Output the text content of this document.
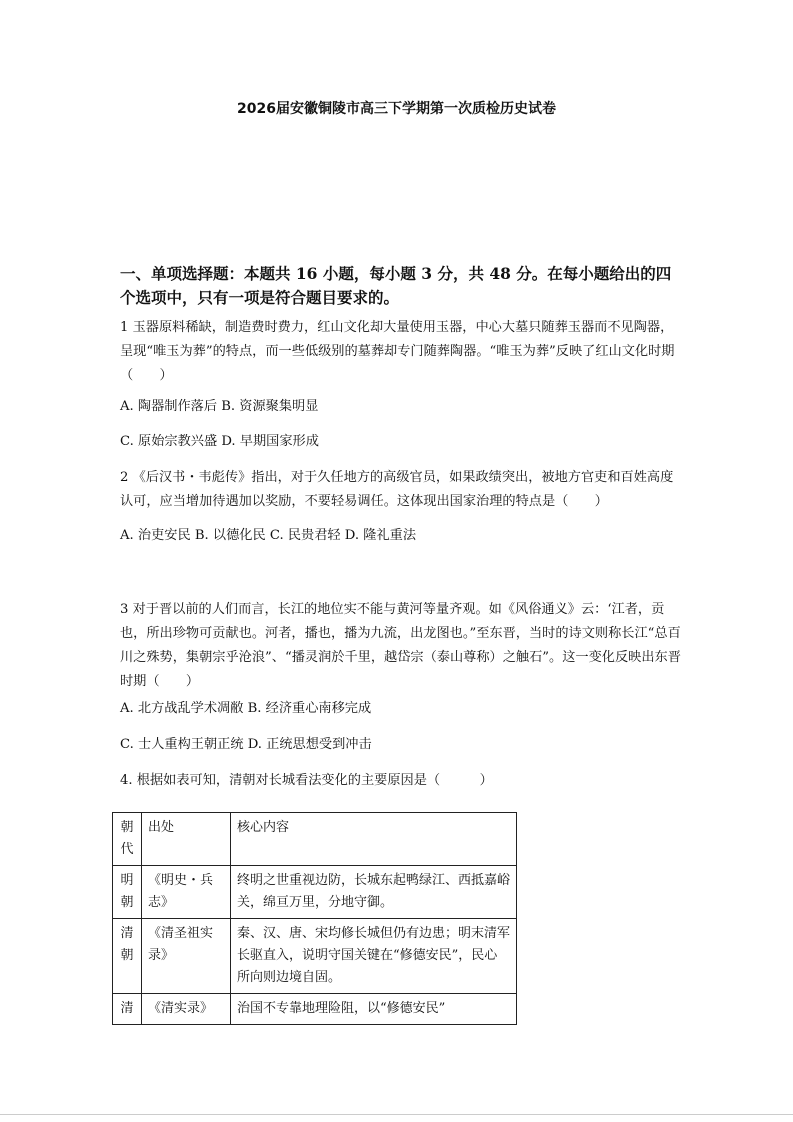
2026届安徽铜陵市高三下学期第一次质检历史试卷
一、单项选择题：本题共 16 小题，每小题 3 分，共 48 分。在每小题给出的四个选项中，只有一项是符合题目要求的。
1 玉器原料稀缺，制造费时费力，红山文化却大量使用玉器，中心大墓只随葬玉器而不见陶器，呈现“唯玉为葬”的特点，而一些低级别的墓葬却专门随葬陶器。“唯玉为葬”反映了红山文化时期（　　）
A. 陶器制作落后 B. 资源聚集明显
C. 原始宗教兴盛 D. 早期国家形成
2 《后汉书・韦彪传》指出，对于久任地方的高级官员，如果政绩突出，被地方官吏和百姓高度认可，应当增加待遇加以奖励，不要轻易调任。这体现出国家治理的特点是（　　）
A. 治吏安民 B. 以德化民 C. 民贵君轻 D. 隆礼重法
3 对于晋以前的人们而言，长江的地位实不能与黄河等量齐观。如《风俗通义》云：‘江者，贡也，所出珍物可贡献也。河者，播也，播为九流，出龙图也。”至东晋，当时的诗文则称长江“总百川之殊势，集朝宗乎沧浪”、“播灵润於千里，越岱宗（泰山尊称）之触石”。这一变化反映出东晋时期（　　）
A. 北方战乱学术凋敝 B. 经济重心南移完成
C. 士人重构王朝正统 D. 正统思想受到冲击
4. 根据如表可知，清朝对长城看法变化的主要原因是（　　　）
朝代	出处	核心内容
明朝	《明史・兵志》	终明之世重视边防，长城东起鸭绿江、西抵嘉峪关，绵亘万里，分地守御。
清朝	《清圣祖实录》	秦、汉、唐、宋均修长城但仍有边患；明末清军长驱直入，说明守国关键在“修德安民”，民心所向则边境自固。
清	《清实录》	治国不专靠地理险阻，以“修德安民”
